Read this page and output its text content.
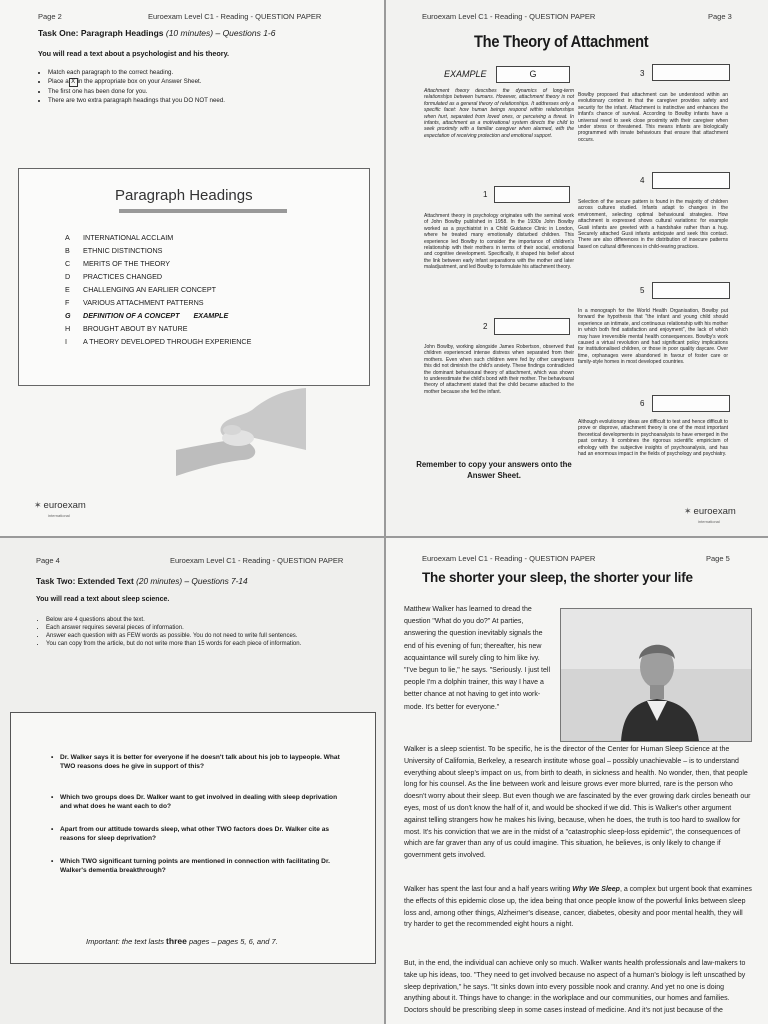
Page 2	Euroexam Level C1 - Reading - QUESTION PAPER
Task One: Paragraph Headings (10 minutes) – Questions 1-6
You will read a text about a psychologist and his theory.
• Match each paragraph to the correct heading.
• Place a X in the appropriate box on your Answer Sheet.
• The first one has been done for you.
• There are two extra paragraph headings that you DO NOT need.
Paragraph Headings
A	INTERNATIONAL ACCLAIM
B	ETHNIC DISTINCTIONS
C	MERITS OF THE THEORY
D	PRACTICES CHANGED
E	CHALLENGING AN EARLIER CONCEPT
F	VARIOUS ATTACHMENT PATTERNS
G	DEFINITION OF A CONCEPT EXAMPLE
H	BROUGHT ABOUT BY NATURE
I	A THEORY DEVELOPED THROUGH EXPERIENCE
✶ euroexam
international
Euroexam Level C1 - Reading - QUESTION PAPER	Page 3
The Theory of Attachment
EXAMPLE	G
Attachment theory describes the dynamics of long-term relationships between humans. However, attachment theory is not formulated as a general theory of relationships. It addresses only a specific facet: how human beings respond within relationships when hurt, separated from loved ones, or perceiving a threat. In infants, attachment as a motivational system directs the child to seek proximity with a familiar caregiver when alarmed, with the expectation of receiving protection and emotional support.
1
Attachment theory in psychology originates with the seminal work of John Bowlby published in 1958. In the 1930s John Bowlby worked as a psychiatrist in a Child Guidance Clinic in London, where he treated many emotionally disturbed children. This experience led Bowlby to consider the importance of children's relationship with their mothers in terms of their social, emotional and cognitive development. Specifically, it shaped his belief about the link between early infant separations with the mother and later maladjustment, and led Bowlby to formulate his attachment theory.
2
John Bowlby, working alongside James Robertson, observed that children experienced intense distress when separated from their mothers. Even when such children were fed by other caregivers this did not diminish the child's anxiety. These findings contradicted the dominant behavioural theory of attachment, which was shown to underestimate the child's bond with their mother. The behavioural theory of attachment stated that the child became attached to the mother because she fed the infant.
Remember to copy your answers onto the Answer Sheet.
3
Bowlby proposed that attachment can be understood within an evolutionary context in that the caregiver provides safety and security for the infant. Attachment is instinctive and enhances the infant's chance of survival. According to Bowlby infants have a universal need to seek close proximity with their caregiver when under stress or threatened. This means infants are biologically programmed with innate behaviours that ensure that attachment occurs.
4
Selection of the secure pattern is found in the majority of children across cultures studied. Infants adapt to changes in the environment, selecting optimal behavioural strategies. How attachment is expressed shows cultural variations: for example Gusii infants are greeted with a handshake rather than a hug. Securely attached Gusii infants anticipate and seek this contact. There are also differences in the distribution of insecure patterns based on cultural differences in child-rearing practices.
5
In a monograph for the World Health Organisation, Bowlby put forward the hypothesis that "the infant and young child should experience an intimate, and continuous relationship with his mother in which both find satisfaction and enjoyment", the lack of which may have irreversible mental health consequences. Bowlby's work caused a virtual revolution and had significant policy implications for institutionalised children, or those in poor quality daycare. Over time, orphanages were abandoned in favour of foster care or family-style homes in most developed countries.
6
Although evolutionary ideas are difficult to test and hence difficult to prove or disprove, attachment theory is one of the most important theoretical developments in psychoanalysis to have emerged in the past century. It combines the rigorous scientific empiricism of ethology with the subjective insights of psychoanalysis, and has had an enormous impact in the fields of psychology and psychiatry.
✶ euroexam
international
Page 4	Euroexam Level C1 - Reading - QUESTION PAPER
Task Two: Extended Text (20 minutes) – Questions 7-14
You will read a text about sleep science.
• Below are 4 questions about the text.
• Each answer requires several pieces of information.
• Answer each question with as FEW words as possible. You do not need to write full sentences.
• You can copy from the article, but do not write more than 15 words for each piece of information.
• Dr. Walker says it is better for everyone if he doesn't talk about his job to laypeople. What TWO reasons does he give in support of this?
• Which two groups does Dr. Walker want to get involved in dealing with sleep deprivation and what does he want each to do?
• Apart from our attitude towards sleep, what other TWO factors does Dr. Walker cite as reasons for sleep deprivation?
• Which TWO significant turning points are mentioned in connection with facilitating Dr. Walker's dementia breakthrough?
Important: the text lasts three pages – pages 5, 6, and 7.
Euroexam Level C1 - Reading - QUESTION PAPER	Page 5
The shorter your sleep, the shorter your life
Matthew Walker has learned to dread the question "What do you do?" At parties, answering the question inevitably signals the end of his evening of fun; thereafter, his new acquaintance will surely cling to him like ivy. "I've begun to lie," he says. "Seriously. I just tell people I'm a dolphin trainer, this way I have a better chance at not having to get into work-mode. It's better for everyone."
Walker is a sleep scientist. To be specific, he is the director of the Center for Human Sleep Science at the University of California, Berkeley, a research institute whose goal – possibly unachievable – is to understand everything about sleep's impact on us, from birth to death, in sickness and health. No wonder, then, that people long for his counsel. As the line between work and leisure grows ever more blurred, rare is the person who doesn't worry about their sleep. But even though we are fascinated by the ever growing dark circles beneath our eyes, most of us don't know the half of it, and would be shocked if we did. This is Walker's other argument against telling strangers how he makes his living, because, when he does, the truth is too hard to swallow for most. It's his conviction that we are in the midst of a "catastrophic sleep-loss epidemic", the consequences of which are far graver than any of us could imagine. This situation, he believes, is only likely to change if government gets involved.
Walker has spent the last four and a half years writing Why We Sleep, a complex but urgent book that examines the effects of this epidemic close up, the idea being that once people know of the powerful links between sleep loss and, among other things, Alzheimer's disease, cancer, diabetes, obesity and poor mental health, they will try harder to get the recommended eight hours a night.
But, in the end, the individual can achieve only so much. Walker wants health professionals and law-makers to take up his ideas, too. "They need to get involved because no aspect of a human's biology is left unscathed by sleep deprivation," he says. "It sinks down into every possible nook and cranny. And yet no one is doing anything about it. Things have to change: in the workplace and our communities, our homes and families. Doctors should be prescribing sleep in some cases instead of medicine. And it's not just because of the
